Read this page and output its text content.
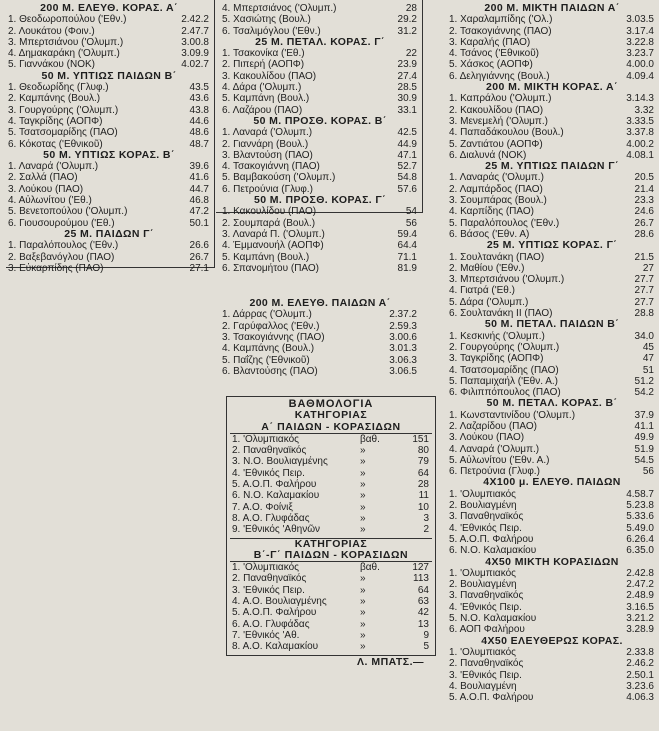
200 Μ. ΕΛΕΥΘ. ΚΟΡΑΣ. Α΄
1. Θεοδωροπούλου ('Εθν.)	2.42.2
2. Λουκάτου (Φοιν.)	2.47.7
3. Μπερτσιάνου ('Ολυμπ.)	3.00.8
4. Δημακαράκη ('Ολυμπ.)	3.09.9
5. Γιαννάκου (ΝΟΚ)	4.02.7
50 Μ. ΥΠΤΙΩΣ ΠΑΙΔΩΝ Β΄
1. Θεοδωρίδης (Γλυφ.)	43.5
2. Καμπάνης (Βουλ.)	43.6
3. Γουργούρης ('Ολυμπ.)	43.8
4. Ταγκρίδης (ΑΟΠΦ)	44.6
5. Τσατσομαρίδης (ΠΑΟ)	48.6
6. Κόκοτας ('Εθνικοῦ)	48.7
50 Μ. ΥΠΤΙΩΣ ΚΟΡΑΣ. Β΄
1. Λαναρά ('Ολυμπ.)	39.6
2. Σαλλά (ΠΑΟ)	41.6
3. Λούκου (ΠΑΟ)	44.7
4. Αὐλωνίτου ('Εθ.)	46.8
5. Βενετοπούλου ('Ολυμπ.)	47.2
6. Γιουσουρούμου ('Εθ.)	50.1
25 Μ. ΠΑΙΔΩΝ Γ΄
1. Παραλόπουλος ('Εθν.)	26.6
2. Βαξεβανόγλου (ΠΑΟ)	26.7
3. Εὐκαρπίδης (ΠΑΟ)	27.1
4. Μπερτσιάνος ('Ολυμπ.)	28
5. Χασιώτης (Βουλ.)	29.2
6. Τσαλιμόγλου ('Εθν.)	31.2
25 Μ. ΠΕΤΑΛ. ΚΟΡΑΣ. Γ΄
1. Τσακονίκα ('Εθ.)	22
2. Πιπερή (ΑΟΠΦ)	23.9
3. Κακουλίδου (ΠΑΟ)	27.4
4. Δάρα ('Ολυμπ.)	28.5
5. Καμπάνη (Βουλ.)	30.9
6. Λαζάρου (ΠΑΟ)	33.1
50 Μ. ΠΡΟΣΘ. ΚΟΡΑΣ. Β΄
1. Λαναρά ('Ολυμπ.)	42.5
2. Γιαννάρη (Βουλ.)	44.9
3. Βλαντούση (ΠΑΟ)	47.1
4. Τσακογιάννη (ΠΑΟ)	52.7
5. Βαμβακούση ('Ολυμπ.)	54.8
6. Πετρούνια (Γλυφ.)	57.6
50 Μ. ΠΡΟΣΘ. ΚΟΡΑΣ. Γ΄
1. Κακουλίδου (ΠΑΟ)	54
2. Σουμπαρά (Βουλ.)	56
3. Λαναρά Π. ('Ολυμπ.)	59.4
4. Έμμανουήλ (ΑΟΠΦ)	64.4
5. Καμπάνη (Βουλ.)	71.1
6. Σπανομήτου (ΠΑΟ)	81.9
200 Μ. ΕΛΕΥΘ. ΠΑΙΔΩΝ Α΄
1. Δάρρας ('Ολυμπ.)	2.37.2
2. Γαρύφαλλος ('Εθν.)	2.59.3
3. Τσακογιάννης (ΠΑΟ)	3.00.6
4. Καμπάνης (Βουλ.)	3.01.3
5. Παΐζης ('Εθνικοῦ)	3.06.3
6. Βλαντούσης (ΠΑΟ)	3.06.5
ΒΑΘΜΟΛΟΓΙΑ
ΚΑΤΗΓΟΡΙΑΣ
Α΄ ΠΑΙΔΩΝ - ΚΟΡΑΣΙΔΩΝ
1. 'Ολυμπιακός	βαθ.	151
2. Παναθηναϊκός	»	80
3. Ν.Ο. Βουλιαγμένης	»	79
4. 'Εθνικός Πειρ.	»	64
5. Α.Ο.Π. Φαλήρου	»	28
6. Ν.Ο. Καλαμακίου	»	11
7. Α.Ο. Φοίνιξ	»	10
8. Α.Ο. Γλυφάδας	»	3
9. 'Εθνικός 'Αθηνῶν	»	2
ΚΑΤΗΓΟΡΙΑΣ
Β΄-Γ΄ ΠΑΙΔΩΝ - ΚΟΡΑΣΙΔΩΝ
1. 'Ολυμπιακός	βαθ.	127
2. Παναθηναϊκός	»	113
3. 'Εθνικός Πειρ.	»	64
4. Α.Ο. Βουλιαγμένης	»	63
5. Α.Ο.Π. Φαλήρου	»	42
6. Α.Ο. Γλυφάδας	»	13
7. 'Εθνικός 'Αθ.	»	9
8. Α.Ο. Καλαμακίου	»	5
Λ. ΜΠΑΤΣ.—
200 Μ. ΜΙΚΤΗ ΠΑΙΔΩΝ Α΄
1. Χαραλαμπίδης ('Ολ.)	3.03.5
2. Τσακογιάννης (ΠΑΟ)	3.17.4
3. Καραλής (ΠΑΟ)	3.22.8
4. Τσάνος ('Εθνικοῦ)	3.23.7
5. Χάσκος (ΑΟΠΦ)	4.00.0
6. Δεληγιάννης (Βουλ.)	4.09.4
200 Μ. ΜΙΚΤΗ ΚΟΡΑΣ. Α΄
1. Καπράλου ('Ολυμπ.)	3.14.3
2. Κακουλίδου (ΠΑΟ)	3.32
3. Μενεμελή ('Ολυμπ.)	3.33.5
4. Παπαδάκουλου (Βουλ.)	3.37.8
5. Ζαντιάτου (ΑΟΠΦ)	4.00.2
6. Διαλυνά (ΝΟΚ)	4.08.1
25 Μ. ΥΠΤΙΩΣ ΠΑΙΔΩΝ Γ΄
1. Λαναράς ('Ολυμπ.)	20.5
2. Λαμπάρδος (ΠΑΟ)	21.4
3. Σουμπάρας (Βουλ.)	23.3
4. Καρπίδης (ΠΑΟ)	24.6
5. Παραλόπουλος ('Εθν.)	26.7
6. Βάσος ('Εθν. Α)	28.6
25 Μ. ΥΠΤΙΩΣ ΚΟΡΑΣ. Γ΄
1. Σουλτανάκη (ΠΑΟ)	21.5
2. Μαθίου ('Εθν.)	27
3. Μπερτσιάνου ('Ολυμπ.)	27.7
4. Γιατρά ('Εθ.)	27.7
5. Δάρα ('Ολυμπ.)	27.7
6. Σουλτανάκη ΙΙ (ΠΑΟ)	28.8
50 Μ. ΠΕΤΑΛ. ΠΑΙΔΩΝ Β΄
1. Κεσκινής ('Ολυμπ.)	34.0
2. Γουργούρης ('Ολυμπ.)	45
3. Ταγκρίδης (ΑΟΠΦ)	47
4. Τσατσομαρίδης (ΠΑΟ)	51
5. Παπαμιχαήλ ('Εθν. Α.)	51.2
6. Φιλιππόπουλος (ΠΑΟ)	54.2
50 Μ. ΠΕΤΑΛ. ΚΟΡΑΣ. Β΄
1. Κωνσταντινίδου ('Ολυμπ.)	37.9
2. Λαζαρίδου (ΠΑΟ)	41.1
3. Λούκου (ΠΑΟ)	49.9
4. Λαναρά ('Ολυμπ.)	51.9
5. Αὐλωνίτου ('Εθν. Α.)	54.5
6. Πετρούνια (Γλυφ.)	56
4Χ100 μ. ΕΛΕΥΘ. ΠΑΙΔΩΝ
1. 'Ολυμπιακός	4.58.7
2. Βουλιαγμένη	5.23.8
3. Παναθηναϊκός	5.33.6
4. 'Εθνικός Πειρ.	5.49.0
5. Α.Ο.Π. Φαλήρου	6.26.4
6. Ν.Ο. Καλαμακίου	6.35.0
4Χ50 ΜΙΚΤΗ ΚΟΡΑΣΙΔΩΝ
1. 'Ολυμπιακός	2.42.8
2. Βουλιαγμένη	2.47.2
3. Παναθηναϊκός	2.48.9
4. 'Εθνικός Πειρ.	3.16.5
5. Ν.Ο. Καλαμακίου	3.21.2
6. ΑΟΠ Φαλήρου	3.28.9
4Χ50 ΕΛΕΥΘΕΡΩΣ ΚΟΡΑΣ.
1. 'Ολυμπιακός	2.33.8
2. Παναθηναϊκός	2.46.2
3. 'Εθνικός Πειρ.	2.50.1
4. Βουλιαγμένη	3.23.6
5. Α.Ο.Π. Φαλήρου	4.06.3
